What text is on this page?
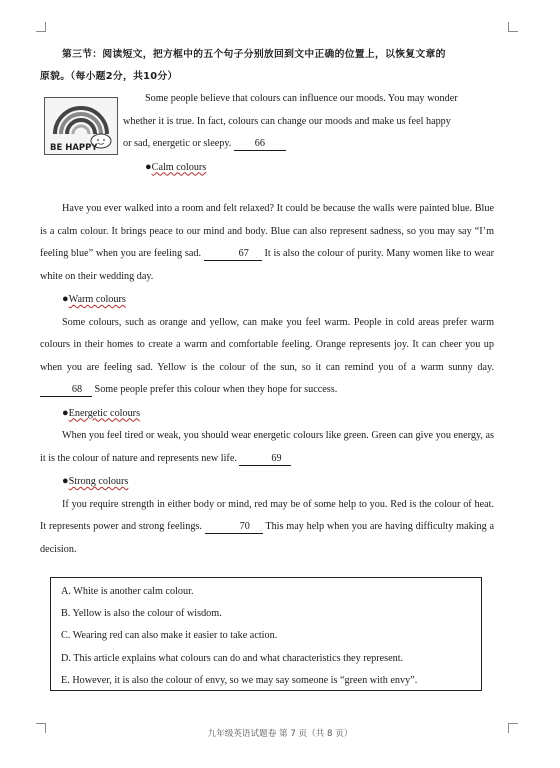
第三节：阅读短文，把方框中的五个句子分别放回到文中正确的位置上，以恢复文章的
原貌。（每小题2分，共10分）
BE HAPPY
Some people believe that colours can influence our moods. You may wonder
whether it is true. In fact, colours can change our moods and make us feel happy
or sad, energetic or sleepy. 66
●Calm colours

Have you ever walked into a room and felt relaxed? It could be because the walls were painted blue. Blue is a calm colour. It brings peace to our mind and body. Blue can also represent sadness, so you may say “I’m feeling blue” when you are feeling sad.	67 It is also the colour of purity. Many women like to wear white on their wedding day.

●Warm colours

Some colours, such as orange and yellow, can make you feel warm. People in cold areas prefer warm colours in their homes to create a warm and comfortable feeling. Orange represents joy. It can cheer you up when you are feeling sad. Yellow is the colour of the sun, so it can remind you of a warm sunny day. 68 Some people prefer this colour when they hope for success.

●Energetic colours

When you feel tired or weak, you should wear energetic colours like green. Green can give you energy, as it is the colour of nature and represents new life.	69

●Strong colours

If you require strength in either body or mind, red may be of some help to you. Red is the colour of heat. It represents power and strong feelings.	70 This may help when you are having difficulty making a decision.

A. White is another calm colour.
B. Yellow is also the colour of wisdom.
C. Wearing red can also make it easier to take action.
D. This article explains what colours can do and what characteristics they represent.
E. However, it is also the colour of envy, so we may say someone is “green with envy”.
九年级英语试题卷 第 7 页（共 8 页）
